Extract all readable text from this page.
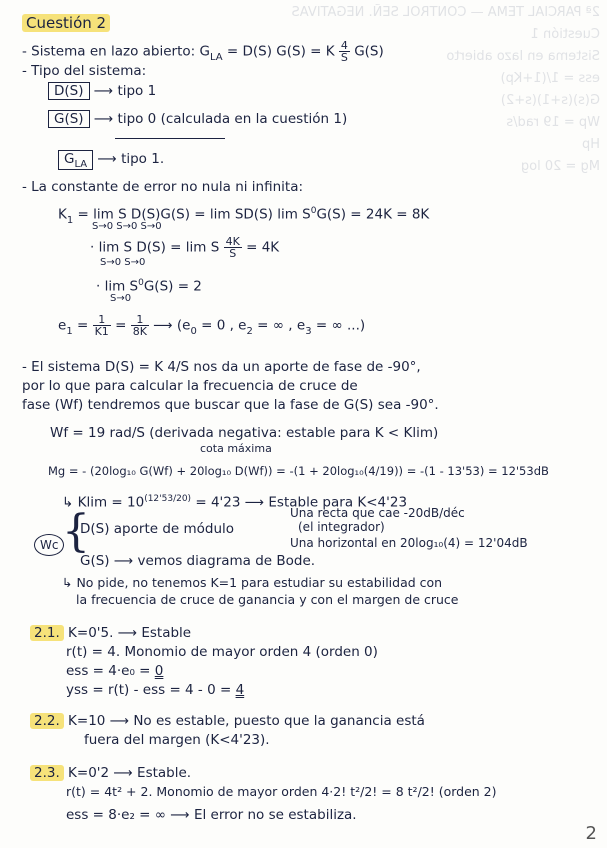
2ª PARCIAL TEMA — CONTROL SEÑ. NEGATIVAS
Cuestión 1
Sistema en lazo abierto
ess = 1/(1+Kp)
G(s)(s+1)(s+2)
Wp = 19 rad/s
Hp
Mg = 20 log
Cuestión 2
- Sistema en lazo abierto: $G_{LA} = D(S) G(S) = K \frac{4}{S} G(S)$
- Tipo del sistema:
D(S) ⟶ tipo 1
G(S) ⟶ tipo 0 (calculada en la cuestión 1)
$G_{LA}$ ⟶ tipo 1.
- La constante de error no nula ni infinita:
$K_1 = \lim S$ D(S)G(S) = lim SD(S) $\lim S^0G(S) = 24K = 8K$
S→0 S→0 S→0
· lim S D(S) = lim S $\frac{4K}{S} = 4K$
S→0 S→0
· $\lim S^0G(S) = 2$
S→0
$e_1 = \frac{1}{K1} = \frac{1}{8K}$ ⟶ ($e_0 = 0$ , $e_2$ = ∞ , $e_3$ = ∞ ...)
- El sistema D(S) = K 4/S nos da un aporte de fase de -90°,
por lo que para calcular la frecuencia de cruce de
fase (Wf) tendremos que buscar que la fase de G(S) sea -90°.
Wf = 19 rad/S (derivada negativa: estable para K < Klim)
cota máxima
Mg = - (20log₁₀ G(Wf) + 20log₁₀ D(Wf)) = -(1 + 20log₁₀(4/19)) = -(1 - 13'53) = 12'53dB
↳ $Klim = 10^{(12'53/20)} = 4'23$ ⟶ Estable para K<4'23
Wc {
D(S) aporte de módulo
Una recta que cae -20dB/déc
(el integrador)
Una horizontal en 20log₁₀(4) = 12'04dB
G(S) ⟶ vemos diagrama de Bode.
↳ No pide, no tenemos K=1 para estudiar su estabilidad con
la frecuencia de cruce de ganancia y con el margen de cruce
2.1. K=0'5. ⟶ Estable
r(t) = 4. Monomio de mayor orden 4 (orden 0)
ess = 4·e₀ = 0
yss = r(t) - ess = 4 - 0 = 4
2.2. K=10 ⟶ No es estable, puesto que la ganancia está
fuera del margen (K<4'23).
2.3. K=0'2 ⟶ Estable.
r(t) = 4t² + 2. Monomio de mayor orden 4·2! t²/2! = 8 t²/2! (orden 2)
ess = 8·e₂ = ∞ ⟶ El error no se estabiliza.
2
